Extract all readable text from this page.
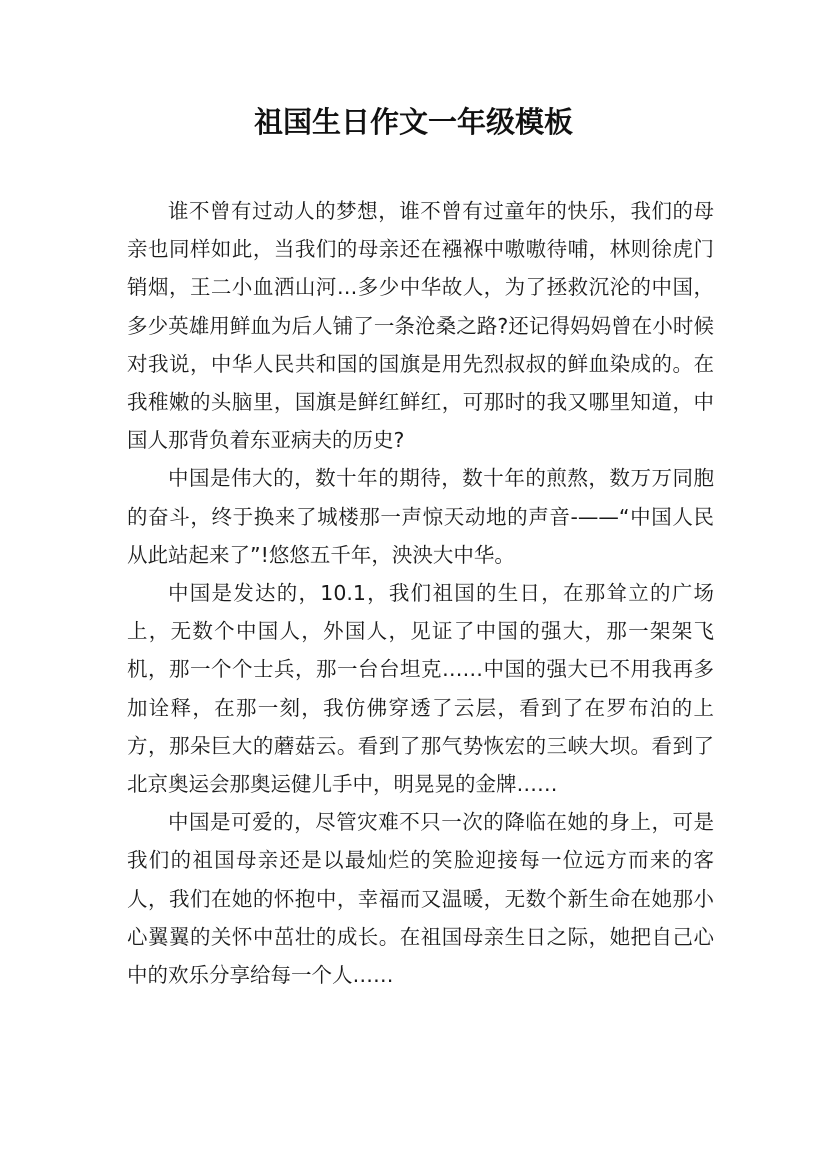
祖国生日作文一年级模板

谁不曾有过动人的梦想，谁不曾有过童年的快乐，我们的母亲也同样如此，当我们的母亲还在襁褓中嗷嗷待哺，林则徐虎门销烟，王二小血洒山河…多少中华故人，为了拯救沉沦的中国，多少英雄用鲜血为后人铺了一条沧桑之路?还记得妈妈曾在小时候对我说，中华人民共和国的国旗是用先烈叔叔的鲜血染成的。在我稚嫩的头脑里，国旗是鲜红鲜红，可那时的我又哪里知道，中国人那背负着东亚病夫的历史?

中国是伟大的，数十年的期待，数十年的煎熬，数万万同胞的奋斗，终于换来了城楼那一声惊天动地的声音-——“中国人民从此站起来了”!悠悠五千年，泱泱大中华。

中国是发达的，10.1，我们祖国的生日，在那耸立的广场上，无数个中国人，外国人，见证了中国的强大，那一架架飞机，那一个个士兵，那一台台坦克……中国的强大已不用我再多加诠释，在那一刻，我仿佛穿透了云层，看到了在罗布泊的上方，那朵巨大的蘑菇云。看到了那气势恢宏的三峡大坝。看到了北京奥运会那奥运健儿手中，明晃晃的金牌……

中国是可爱的，尽管灾难不只一次的降临在她的身上，可是我们的祖国母亲还是以最灿烂的笑脸迎接每一位远方而来的客人，我们在她的怀抱中，幸福而又温暖，无数个新生命在她那小心翼翼的关怀中茁壮的成长。在祖国母亲生日之际，她把自己心中的欢乐分享给每一个人……
